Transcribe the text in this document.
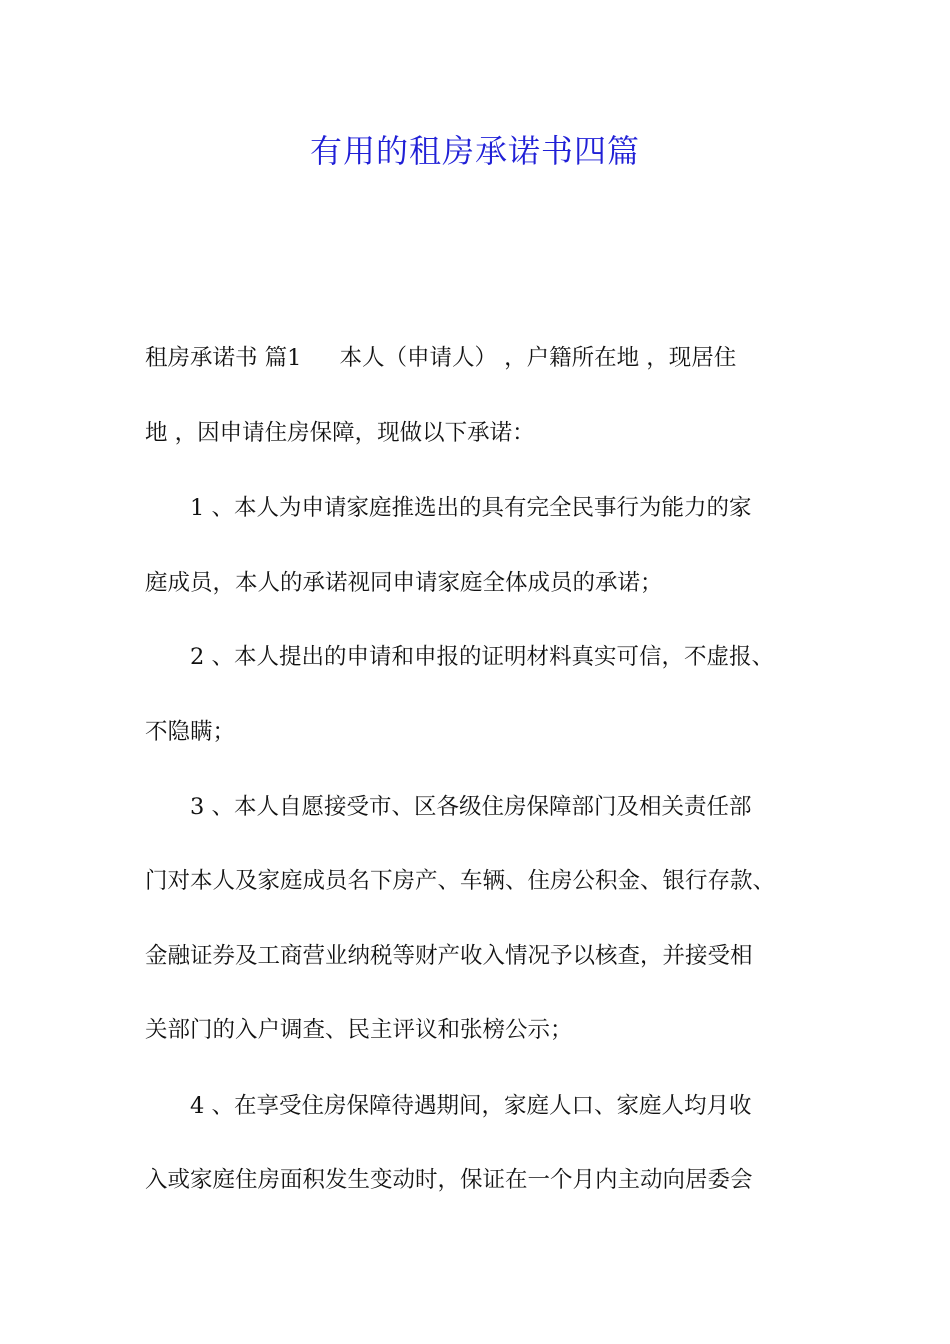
有用的租房承诺书四篇
租房承诺书 篇1 本人（申请人） ，户籍所在地 ，现居住
地 ，因申请住房保障，现做以下承诺：
1 、本人为申请家庭推选出的具有完全民事行为能力的家
庭成员，本人的承诺视同申请家庭全体成员的承诺；
2 、本人提出的申请和申报的证明材料真实可信，不虚报、
不隐瞒；
3 、本人自愿接受市、区各级住房保障部门及相关责任部
门对本人及家庭成员名下房产、车辆、住房公积金、银行存款、
金融证券及工商营业纳税等财产收入情况予以核查，并接受相
关部门的入户调查、民主评议和张榜公示；
4 、在享受住房保障待遇期间，家庭人口、家庭人均月收
入或家庭住房面积发生变动时，保证在一个月内主动向居委会
